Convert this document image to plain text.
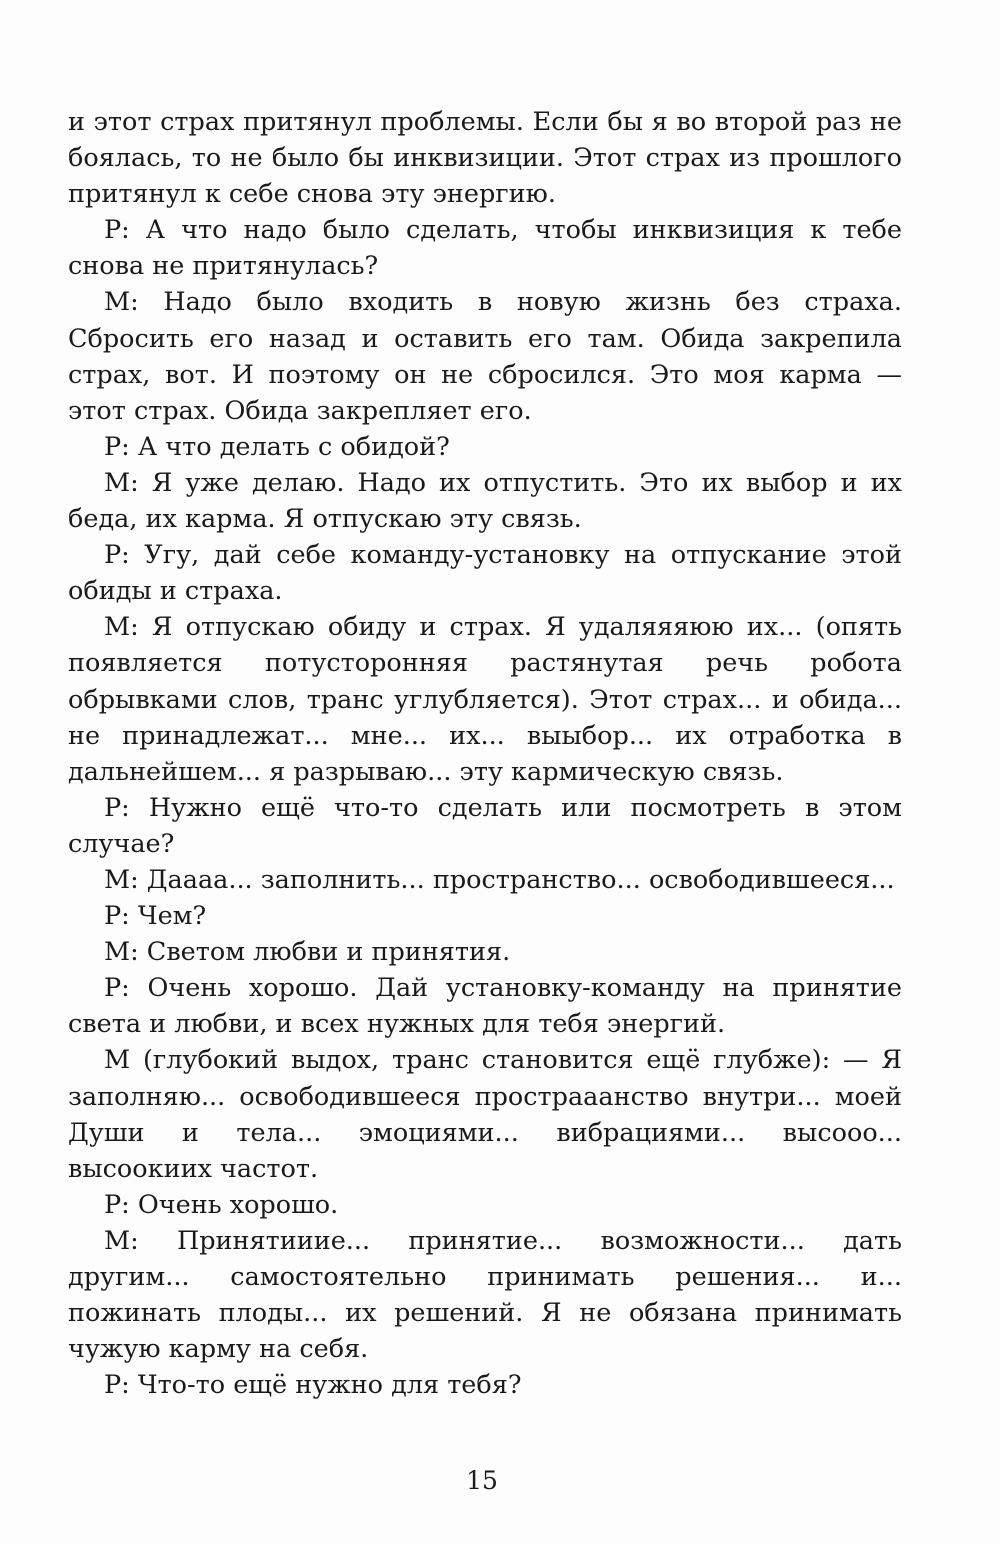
и этот страх притянул проблемы. Если бы я во второй раз не боялась, то не было бы инквизиции. Этот страх из прошлого притянул к себе снова эту энергию.

Р: А что надо было сделать, чтобы инквизиция к тебе снова не притянулась?

М: Надо было входить в новую жизнь без страха. Сбросить его назад и оставить его там. Обида закрепила страх, вот. И поэтому он не сбросился. Это моя карма — этот страх. Обида закрепляет его.

Р: А что делать с обидой?

М: Я уже делаю. Надо их отпустить. Это их выбор и их беда, их карма. Я отпускаю эту связь.

Р: Угу, дай себе команду-установку на отпускание этой обиды и страха.

М: Я отпускаю обиду и страх. Я удаляяяюю их... (опять появляется потусторонняя растянутая речь робота обрывками слов, транс углубляется). Этот страх... и обида... не принадлежат... мне... их... выыбор... их отработка в дальнейшем... я разрываю... эту кармическую связь.

Р: Нужно ещё что-то сделать или посмотреть в этом случае?

М: Даааа... заполнить... пространство... освободившееся...

Р: Чем?

М: Светом любви и принятия.

Р: Очень хорошо. Дай установку-команду на принятие света и любви, и всех нужных для тебя энергий.

М (глубокий выдох, транс становится ещё глубже): — Я заполняю... освободившееся простраaанство внутри... моей Души и тела... эмоциями... вибрациями... высооо... высоокиих частот.

Р: Очень хорошо.

М: Принятиииe... принятие... возможности... дать другим... самостоятельно принимать решения... и... пожинать плоды... их решений. Я не обязана принимать чужую карму на себя.

Р: Что-то ещё нужно для тебя?

15
